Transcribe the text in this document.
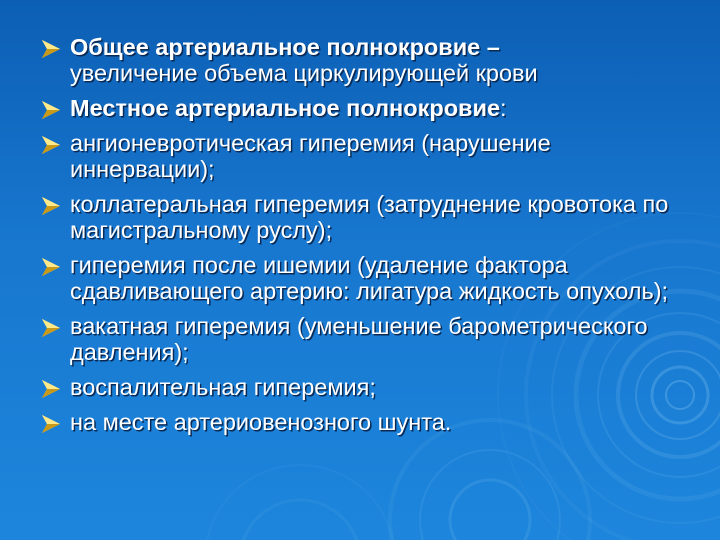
Общее артериальное полнокровие –
увеличение объема циркулирующей крови
Местное артериальное полнокровие:
ангионевротическая гиперемия (нарушение иннервации);
коллатеральная гиперемия (затруднение кровотока по магистральному руслу);
гиперемия после ишемии (удаление фактора сдавливающего артерию: лигатура жидкость опухоль);
вакатная гиперемия (уменьшение барометрического давления);
воспалительная гиперемия;
на месте артериовенозного шунта.
